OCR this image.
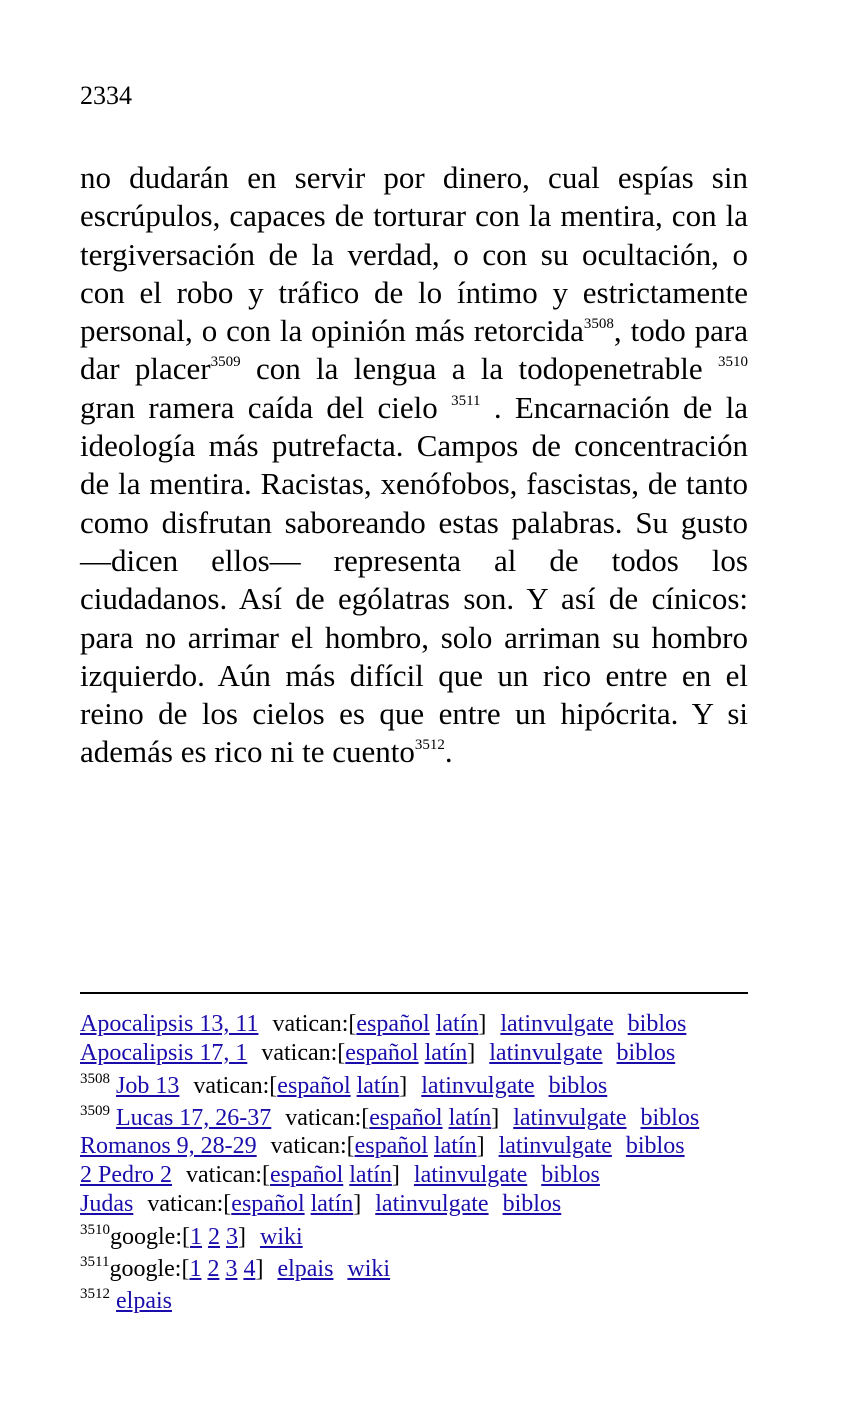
2334
no dudarán en servir por dinero, cual espías sin escrúpulos, capaces de torturar con la mentira, con la tergiversación de la verdad, o con su ocultación, o con el robo y tráfico de lo íntimo y estrictamente personal, o con la opinión más retorcida$^{3508}$, todo para dar placer$^{3509}$ con la lengua a la todopenetrable $^{3510}$ gran ramera caída del cielo $^{3511}$ . Encarnación de la ideología más putrefacta. Campos de concentración de la mentira. Racistas, xenófobos, fascistas, de tanto como disfrutan saboreando estas palabras. Su gusto —dicen ellos— representa al de todos los ciudadanos. Así de ególatras son. Y así de cínicos: para no arrimar el hombro, solo arriman su hombro izquierdo. Aún más difícil que un rico entre en el reino de los cielos es que entre un hipócrita. Y si además es rico ni te cuento$^{3512}$.
Apocalipsis 13, 11 vatican:[español latín] latinvulgate biblos
Apocalipsis 17, 1 vatican:[español latín] latinvulgate biblos
$^{3508}$ Job 13 vatican:[español latín] latinvulgate biblos
$^{3509}$ Lucas 17, 26-37 vatican:[español latín] latinvulgate biblos
Romanos 9, 28-29 vatican:[español latín] latinvulgate biblos
2 Pedro 2 vatican:[español latín] latinvulgate biblos
Judas vatican:[español latín] latinvulgate biblos
$^{3510}$google:[1 2 3] wiki
$^{3511}$google:[1 2 3 4] elpais wiki
$^{3512}$ elpais
